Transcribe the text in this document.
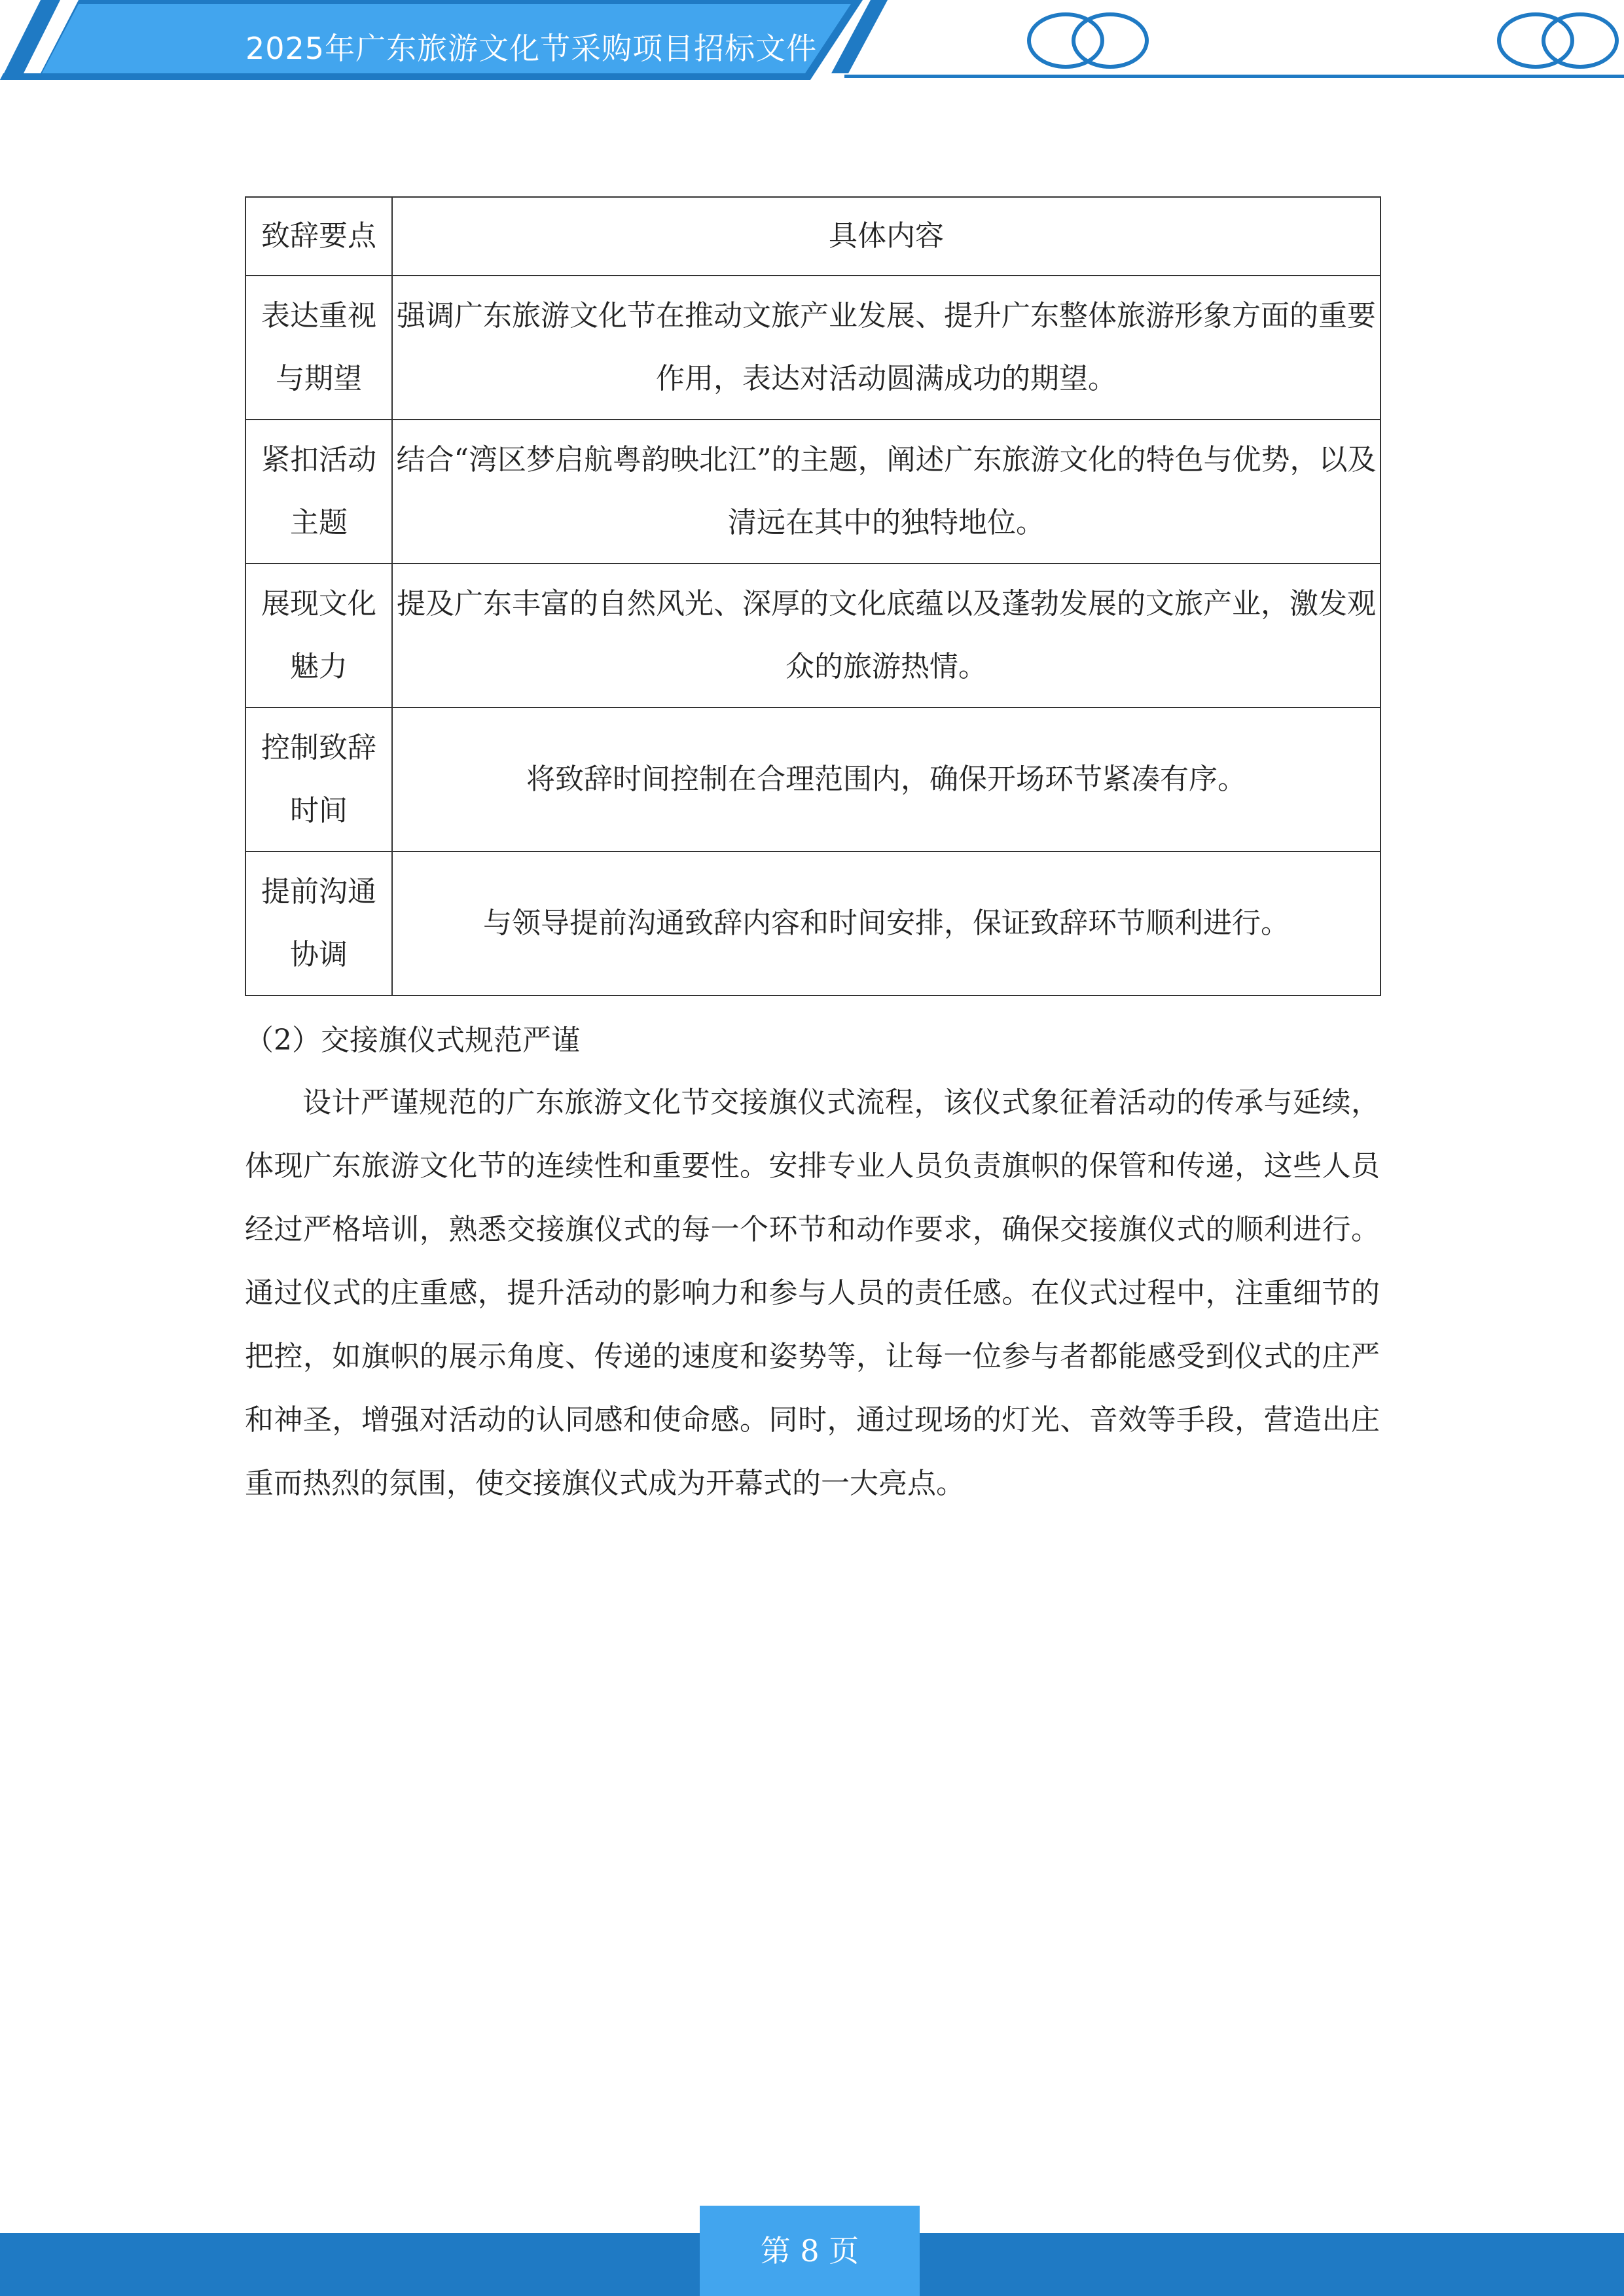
2025年广东旅游文化节采购项目招标文件
致辞要点	具体内容
表达重视与期望	强调广东旅游文化节在推动文旅产业发展、提升广东整体旅游形象方面的重要作用，表达对活动圆满成功的期望。
紧扣活动主题	结合“湾区梦启航粤韵映北江”的主题，阐述广东旅游文化的特色与优势，以及清远在其中的独特地位。
展现文化魅力	提及广东丰富的自然风光、深厚的文化底蕴以及蓬勃发展的文旅产业，激发观众的旅游热情。
控制致辞时间	将致辞时间控制在合理范围内，确保开场环节紧凑有序。
提前沟通协调	与领导提前沟通致辞内容和时间安排，保证致辞环节顺利进行。
（2）交接旗仪式规范严谨

设计严谨规范的广东旅游文化节交接旗仪式流程，该仪式象征着活动的传承与延续，体现广东旅游文化节的连续性和重要性。安排专业人员负责旗帜的保管和传递，这些人员经过严格培训，熟悉交接旗仪式的每一个环节和动作要求，确保交接旗仪式的顺利进行。通过仪式的庄重感，提升活动的影响力和参与人员的责任感。在仪式过程中，注重细节的把控，如旗帜的展示角度、传递的速度和姿势等，让每一位参与者都能感受到仪式的庄严和神圣，增强对活动的认同感和使命感。同时，通过现场的灯光、音效等手段，营造出庄重而热烈的氛围，使交接旗仪式成为开幕式的一大亮点。

第 8 页
